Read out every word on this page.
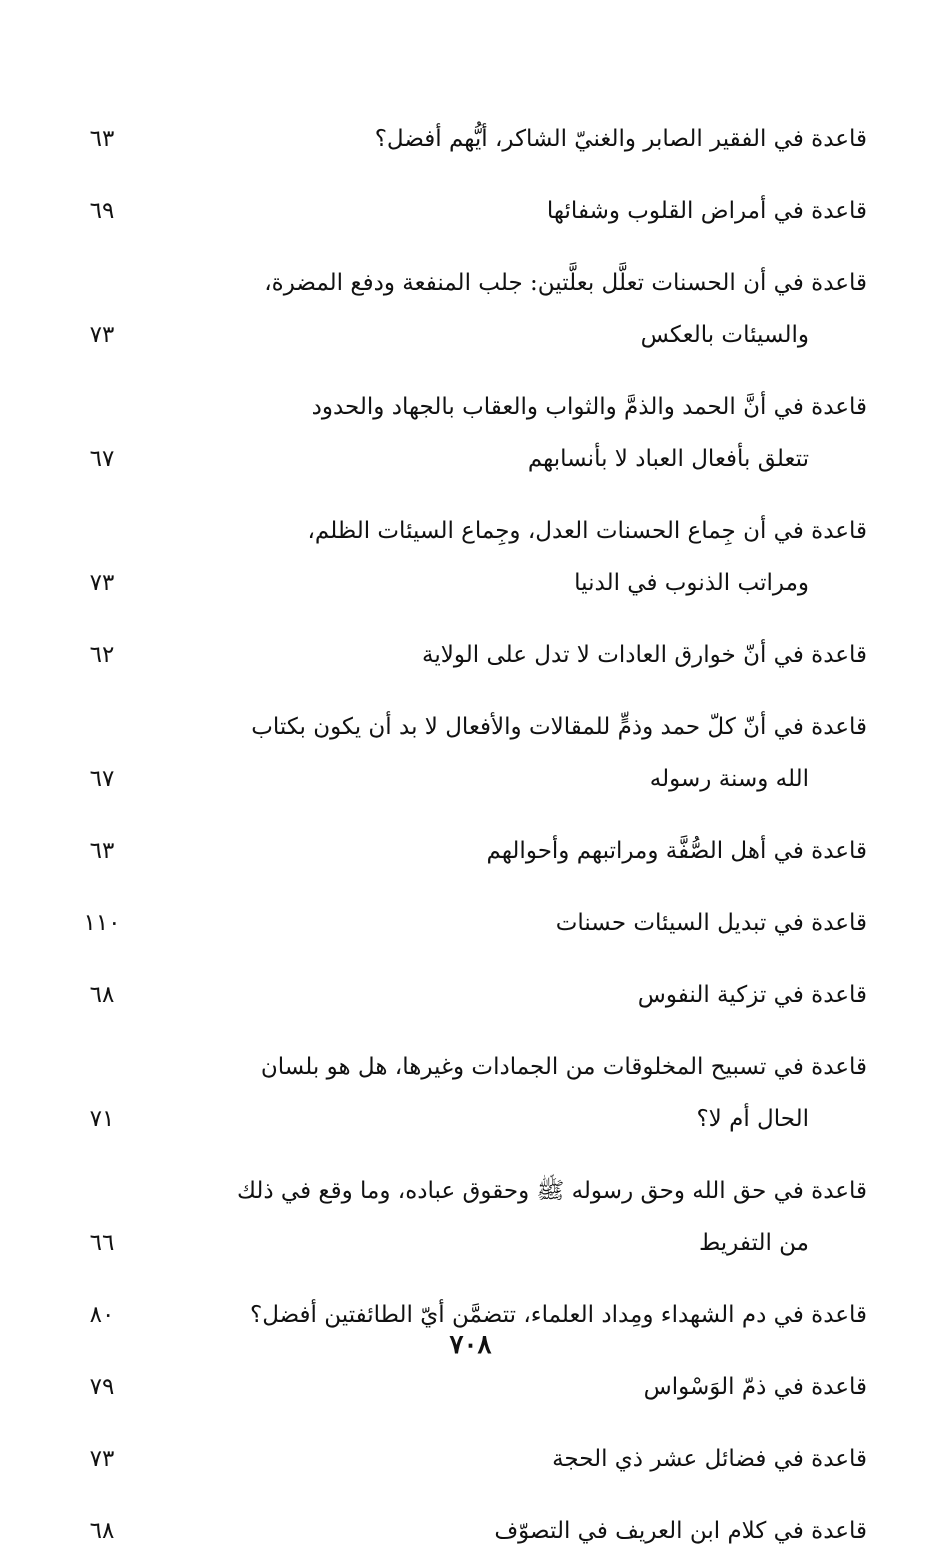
قاعدة في الفقير الصابر والغنيّ الشاكر، أيُّهم أفضل؟
٦٣
قاعدة في أمراض القلوب وشفائها
٦٩
قاعدة في أن الحسنات تعلَّل بعلَّتين: جلب المنفعة ودفع المضرة،
والسيئات بالعكس
٧٣
قاعدة في أنَّ الحمد والذمَّ والثواب والعقاب بالجهاد والحدود
تتعلق بأفعال العباد لا بأنسابهم
٦٧
قاعدة في أن جِماع الحسنات العدل، وجِماع السيئات الظلم،
ومراتب الذنوب في الدنيا
٧٣
قاعدة في أنّ خوارق العادات لا تدل على الولاية
٦٢
قاعدة في أنّ كلّ حمد وذمٍّ للمقالات والأفعال لا بد أن يكون بكتاب
الله وسنة رسوله
٦٧
قاعدة في أهل الصُّفَّة ومراتبهم وأحوالهم
٦٣
قاعدة في تبديل السيئات حسنات
١١٠
قاعدة في تزكية النفوس
٦٨
قاعدة في تسبيح المخلوقات من الجمادات وغيرها، هل هو بلسان
الحال أم لا؟
٧١
قاعدة في حق الله وحق رسوله ﷺ وحقوق عباده، وما وقع في ذلك
من التفريط
٦٦
قاعدة في دم الشهداء ومِداد العلماء، تتضمَّن أيّ الطائفتين أفضل؟
٨٠
قاعدة في ذمّ الوَسْواس
٧٩
قاعدة في فضائل عشر ذي الحجة
٧٣
قاعدة في كلام ابن العريف في التصوّف
٦٨
٧٠٨
